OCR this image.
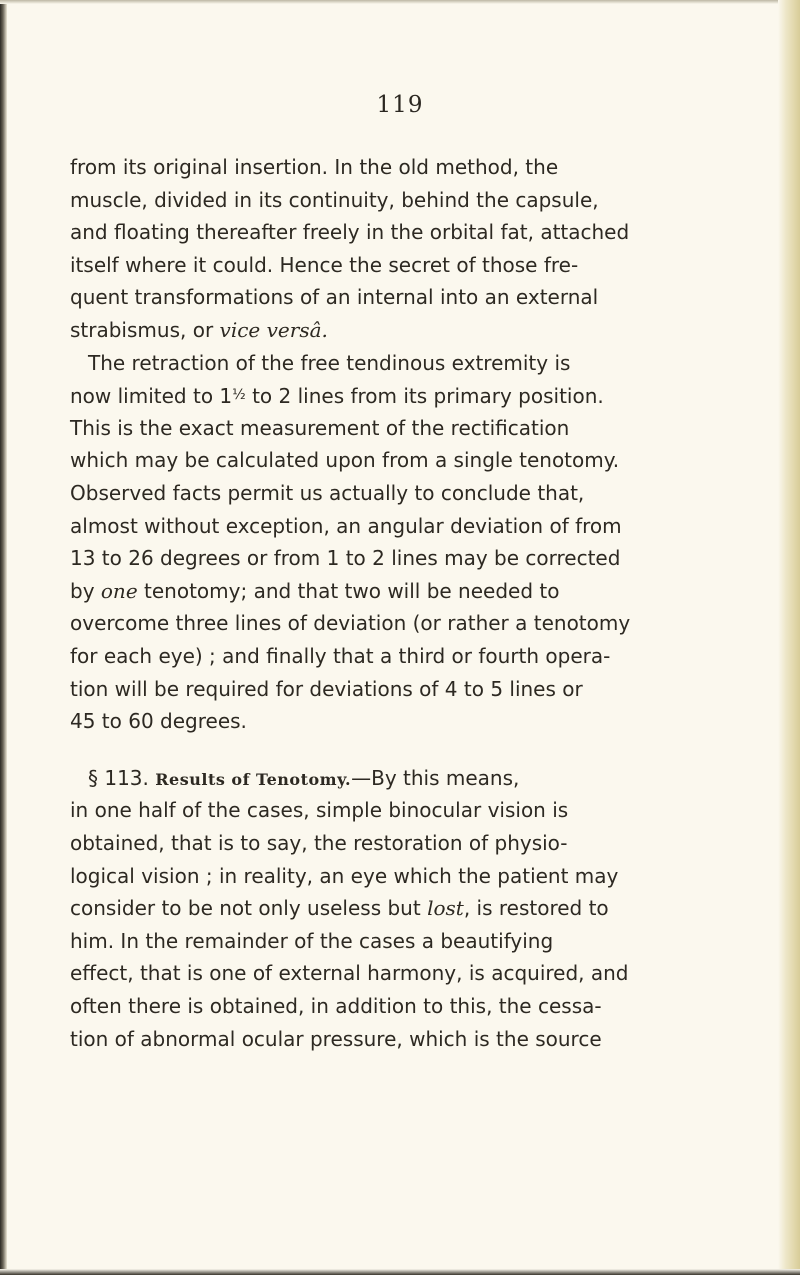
119
from its original insertion. In the old method, the
muscle, divided in its continuity, behind the capsule,
and floating thereafter freely in the orbital fat, attached
itself where it could. Hence the secret of those fre-
quent transformations of an internal into an external
strabismus, or vice versâ.
The retraction of the free tendinous extremity is
now limited to $1^{\frac{1}{2}}$ to 2 lines from its primary position.
This is the exact measurement of the rectification
which may be calculated upon from a single tenotomy.
Observed facts permit us actually to conclude that,
almost without exception, an angular deviation of from
13 to 26 degrees or from 1 to 2 lines may be corrected
by one tenotomy; and that two will be needed to
overcome three lines of deviation (or rather a tenotomy
for each eye) ; and finally that a third or fourth opera-
tion will be required for deviations of 4 to 5 lines or
45 to 60 degrees.
§ 113. Results of Tenotomy.—By this means,
in one half of the cases, simple binocular vision is
obtained, that is to say, the restoration of physio-
logical vision ; in reality, an eye which the patient may
consider to be not only useless but lost, is restored to
him. In the remainder of the cases a beautifying
effect, that is one of external harmony, is acquired, and
often there is obtained, in addition to this, the cessa-
tion of abnormal ocular pressure, which is the source
